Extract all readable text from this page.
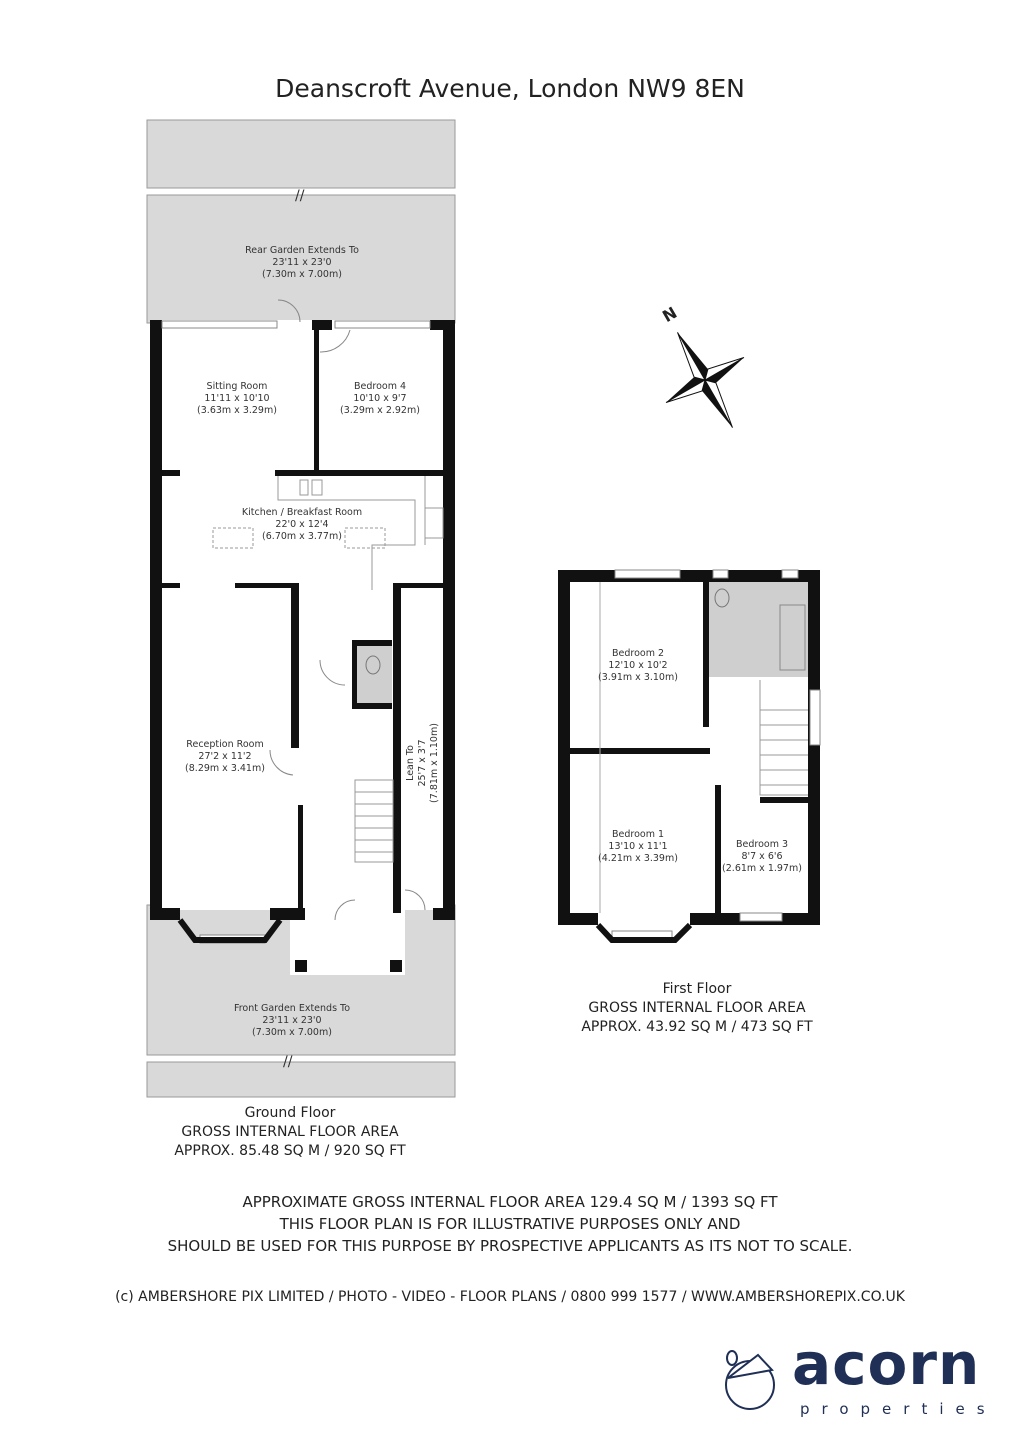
Deanscroft Avenue, London NW9 8EN
//
//
N
Rear Garden Extends To
23'11 x 23'0
(7.30m x 7.00m)
Sitting Room
11'11 x 10'10
(3.63m x 3.29m)
Bedroom 4
10'10 x 9'7
(3.29m x 2.92m)
Kitchen / Breakfast Room
22'0 x 12'4
(6.70m x 3.77m)
Reception Room
27'2 x 11'2
(8.29m x 3.41m)	Lean To 25'7 x 3'7 (7.81m x 1.10m)
Front Garden Extends To
23'11 x 23'0
(7.30m x 7.00m)
Bedroom 2
12'10 x 10'2
(3.91m x 3.10m)
Bedroom 1
13'10 x 11'1
(4.21m x 3.39m)
Bedroom 3
8'7 x 6'6
(2.61m x 1.97m)
Ground Floor
GROSS INTERNAL FLOOR AREA
APPROX. 85.48 SQ M / 920 SQ FT
First Floor
GROSS INTERNAL FLOOR AREA
APPROX. 43.92 SQ M / 473 SQ FT
APPROXIMATE GROSS INTERNAL FLOOR AREA 129.4 SQ M / 1393 SQ FT
THIS FLOOR PLAN IS FOR ILLUSTRATIVE PURPOSES ONLY AND
SHOULD BE USED FOR THIS PURPOSE BY PROSPECTIVE APPLICANTS AS ITS NOT TO SCALE.
(c) AMBERSHORE PIX LIMITED / PHOTO - VIDEO - FLOOR PLANS / 0800 999 1577 / WWW.AMBERSHOREPIX.CO.UK
acorn
properties
